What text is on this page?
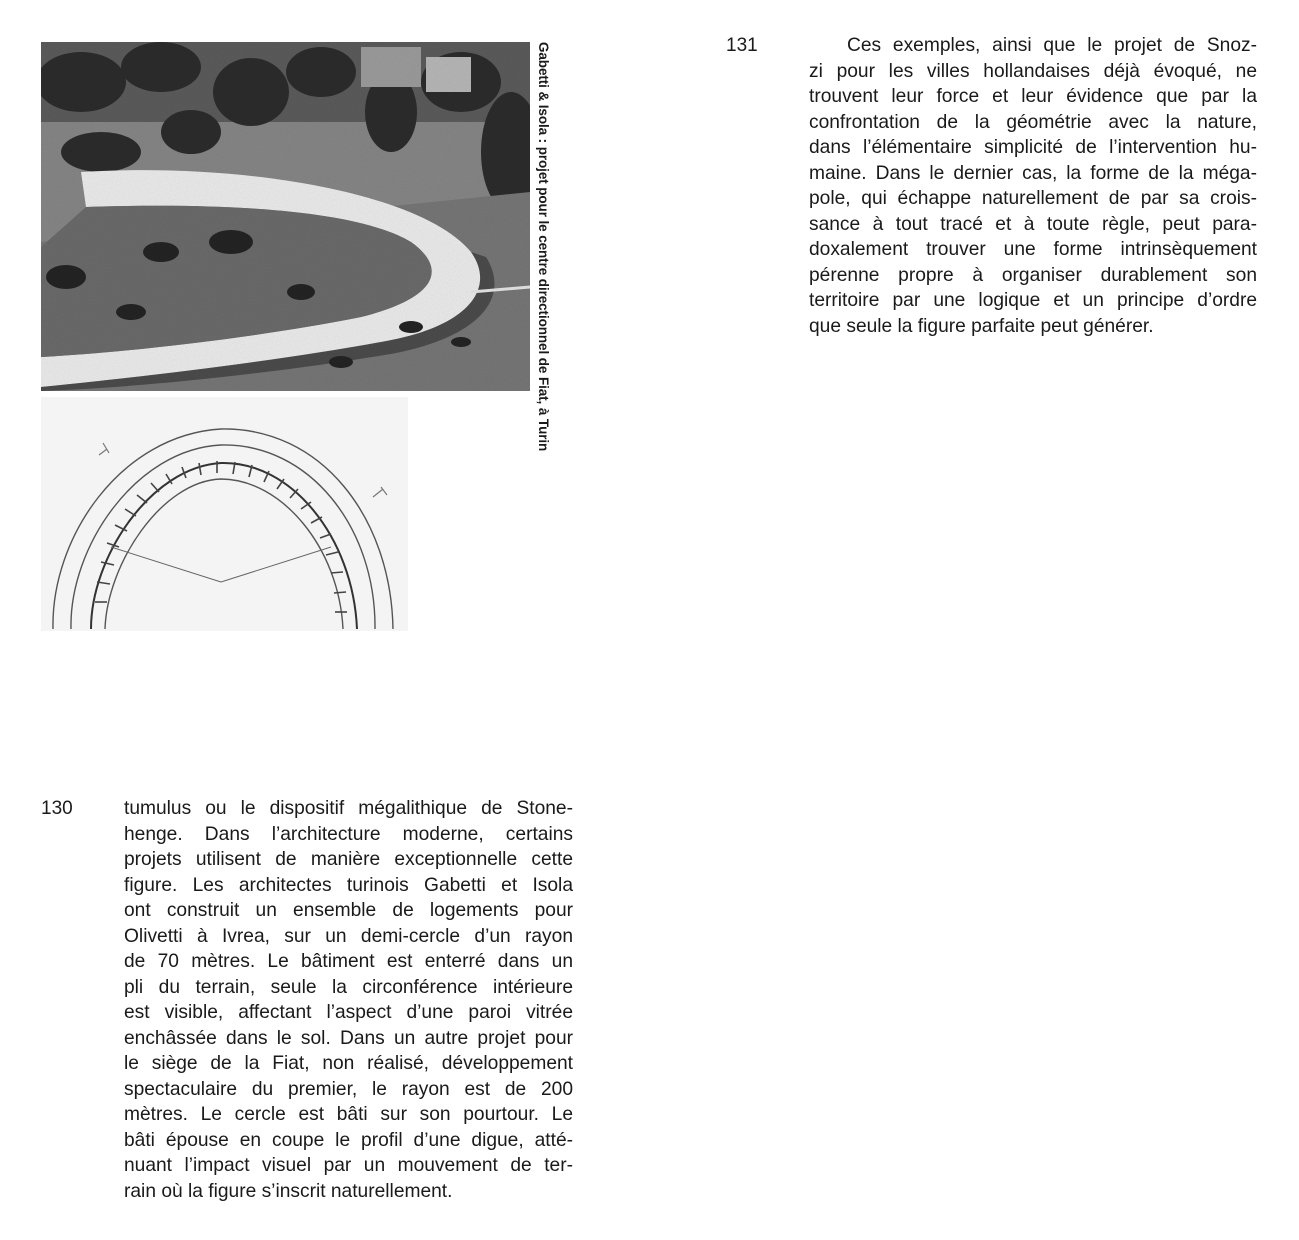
Gabetti & Isola : projet pour le centre directionnel de Fiat, à Turin	131	Ces exemples, ainsi que le projet de Snoz-
zi pour les villes hollandaises déjà évoqué, ne
trouvent leur force et leur évidence que par la
confrontation de la géométrie avec la nature,
dans l’élémentaire simplicité de l’intervention hu-
maine. Dans le dernier cas, la forme de la méga-
pole, qui échappe naturellement de par sa crois-
sance à tout tracé et à toute règle, peut para-
doxalement trouver une forme intrinsèquement
pérenne propre à organiser durablement son
territoire par une logique et un principe d’ordre
que seule la figure parfaite peut générer.
130	tumulus ou le dispositif mégalithique de Stone-
henge. Dans l’architecture moderne, certains
projets utilisent de manière exceptionnelle cette
figure. Les architectes turinois Gabetti et Isola
ont construit un ensemble de logements pour
Olivetti à Ivrea, sur un demi-cercle d’un rayon
de 70 mètres. Le bâtiment est enterré dans un
pli du terrain, seule la circonférence intérieure
est visible, affectant l’aspect d’une paroi vitrée
enchâssée dans le sol. Dans un autre projet pour
le siège de la Fiat, non réalisé, développement
spectaculaire du premier, le rayon est de 200
mètres. Le cercle est bâti sur son pourtour. Le
bâti épouse en coupe le profil d’une digue, atté-
nuant l’impact visuel par un mouvement de ter-
rain où la figure s’inscrit naturellement.
